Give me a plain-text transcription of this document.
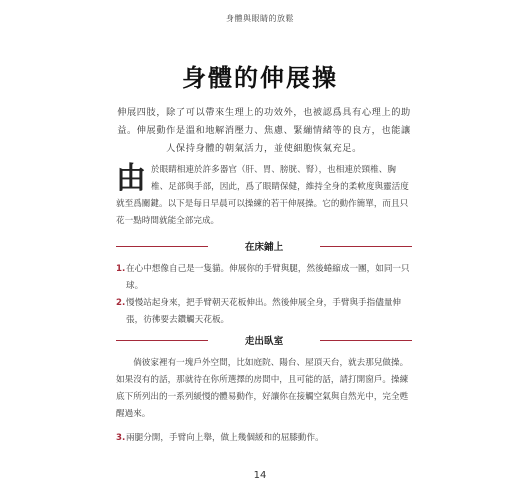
身體與眼睛的放鬆
身體的伸展操
伸展四肢，除了可以帶來生理上的功效外，也被認爲具有心理上的助益。伸展動作是溫和地解消壓力、焦慮、緊繃情緒等的良方，也能讓人保持身體的朝氣活力，並使細胞恢氣充足。
由 於眼睛相連於許多器官（肝、胃、膀胱、腎），也相連於頸椎、胸椎、足部與手部，因此，爲了眼睛保健，維持全身的柔軟度與靈活度就至爲關鍵。以下是每日早晨可以操練的若干伸展操。它的動作簡單，而且只花一點時間就能全部完成。
在床鋪上
1. 在心中想像自己是一隻貓。伸展你的手臂與腿，然後蜷縮成一團，如同一只球。
2. 慢慢站起身來，把手臂朝天花板伸出。然後伸展全身，手臂與手指儘量伸張，彷彿要去鑽觸天花板。
走出臥室

倘彼家裡有一塊戶外空間，比如庭院、陽台、屋頂天台，就去那兒做操。如果沒有的話，那就待在你所選擇的房間中，且可能的話，請打開窗戶。操練底下所列出的一系列緩慢的體易動作，好讓你在接觸空氣與自然光中，完全甦醒過來。

3. 兩腿分開，手臂向上舉，做上幾個緩和的屈膝動作。
14
